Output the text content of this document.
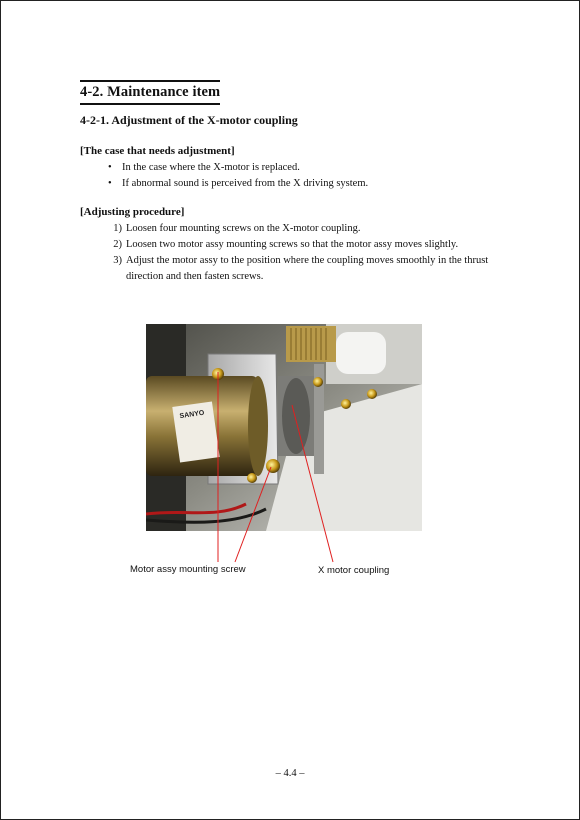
4-2. Maintenance item
4-2-1. Adjustment of the X-motor coupling
[The case that needs adjustment]
• In the case where the X-motor is replaced.
• If abnormal sound is perceived from the X driving system.
[Adjusting procedure]
1) Loosen four mounting screws on the X-motor coupling.
2) Loosen two motor assy mounting screws so that the motor assy moves slightly.
3) Adjust the motor assy to the position where the coupling moves smoothly in the thrust direction and then fasten screws.
SANYO
Motor assy mounting screw	X motor coupling
– 4.4 –
